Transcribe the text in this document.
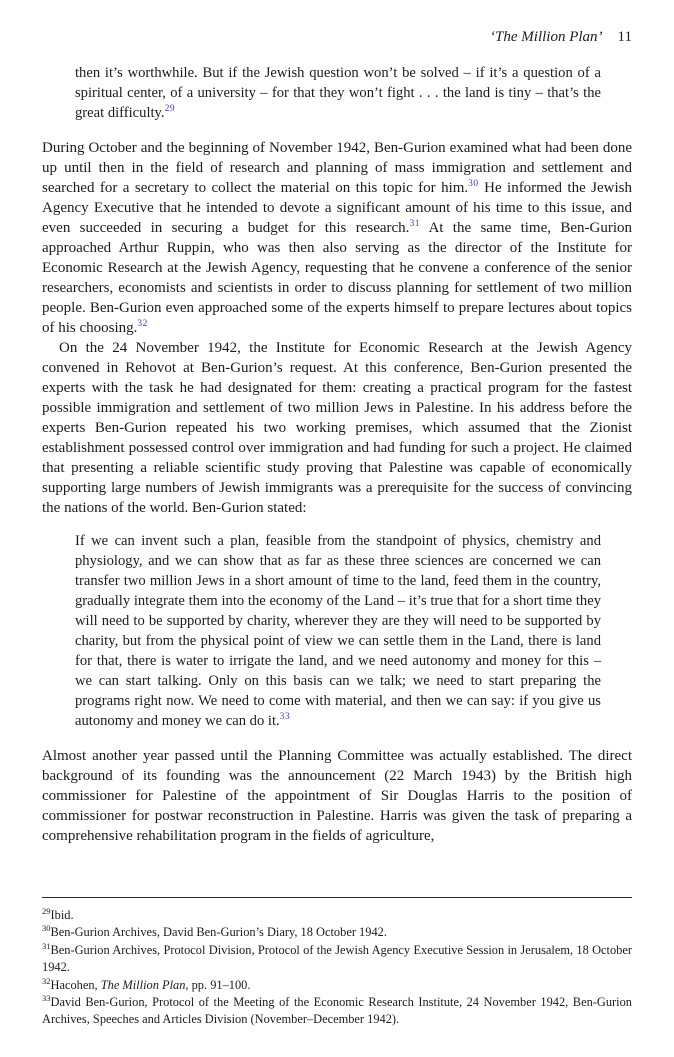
‘The Million Plan’ 11

then it’s worthwhile. But if the Jewish question won’t be solved – if it’s a question of a spiritual center, of a university – for that they won’t fight . . . the land is tiny – that’s the great difficulty.$^{29}$

During October and the beginning of November 1942, Ben-Gurion examined what had been done up until then in the field of research and planning of mass immigration and settlement and searched for a secretary to collect the material on this topic for him.$^{30}$ He informed the Jewish Agency Executive that he intended to devote a significant amount of his time to this issue, and even succeeded in securing a budget for this research.$^{31}$ At the same time, Ben-Gurion approached Arthur Ruppin, who was then also serving as the director of the Institute for Economic Research at the Jewish Agency, requesting that he convene a conference of the senior researchers, economists and scientists in order to discuss planning for settlement of two million people. Ben-Gurion even approached some of the experts himself to prepare lectures about topics of his choosing.$^{32}$

On the 24 November 1942, the Institute for Economic Research at the Jewish Agency convened in Rehovot at Ben-Gurion’s request. At this conference, Ben-Gurion presented the experts with the task he had designated for them: creating a practical program for the fastest possible immigration and settlement of two million Jews in Palestine. In his address before the experts Ben-Gurion repeated his two working premises, which assumed that the Zionist establishment possessed control over immigration and had funding for such a project. He claimed that presenting a reliable scientific study proving that Palestine was capable of economically supporting large numbers of Jewish immigrants was a prerequisite for the success of convincing the nations of the world. Ben-Gurion stated:

If we can invent such a plan, feasible from the standpoint of physics, chemistry and physiology, and we can show that as far as these three sciences are concerned we can transfer two million Jews in a short amount of time to the land, feed them in the country, gradually integrate them into the economy of the Land – it’s true that for a short time they will need to be supported by charity, wherever they are they will need to be supported by charity, but from the physical point of view we can settle them in the Land, there is land for that, there is water to irrigate the land, and we need autonomy and money for this – we can start talking. Only on this basis can we talk; we need to start preparing the programs right now. We need to come with material, and then we can say: if you give us autonomy and money we can do it.$^{33}$

Almost another year passed until the Planning Committee was actually established. The direct background of its founding was the announcement (22 March 1943) by the British high commissioner for Palestine of the appointment of Sir Douglas Harris to the position of commissioner for postwar reconstruction in Palestine. Harris was given the task of preparing a comprehensive rehabilitation program in the fields of agriculture,

$^{29}$Ibid.

$^{30}$Ben-Gurion Archives, David Ben-Gurion’s Diary, 18 October 1942.

$^{31}$Ben-Gurion Archives, Protocol Division, Protocol of the Jewish Agency Executive Session in Jerusalem, 18 October 1942.

$^{32}$Hacohen, The Million Plan, pp. 91–100.

$^{33}$David Ben-Gurion, Protocol of the Meeting of the Economic Research Institute, 24 November 1942, Ben-Gurion Archives, Speeches and Articles Division (November–December 1942).
